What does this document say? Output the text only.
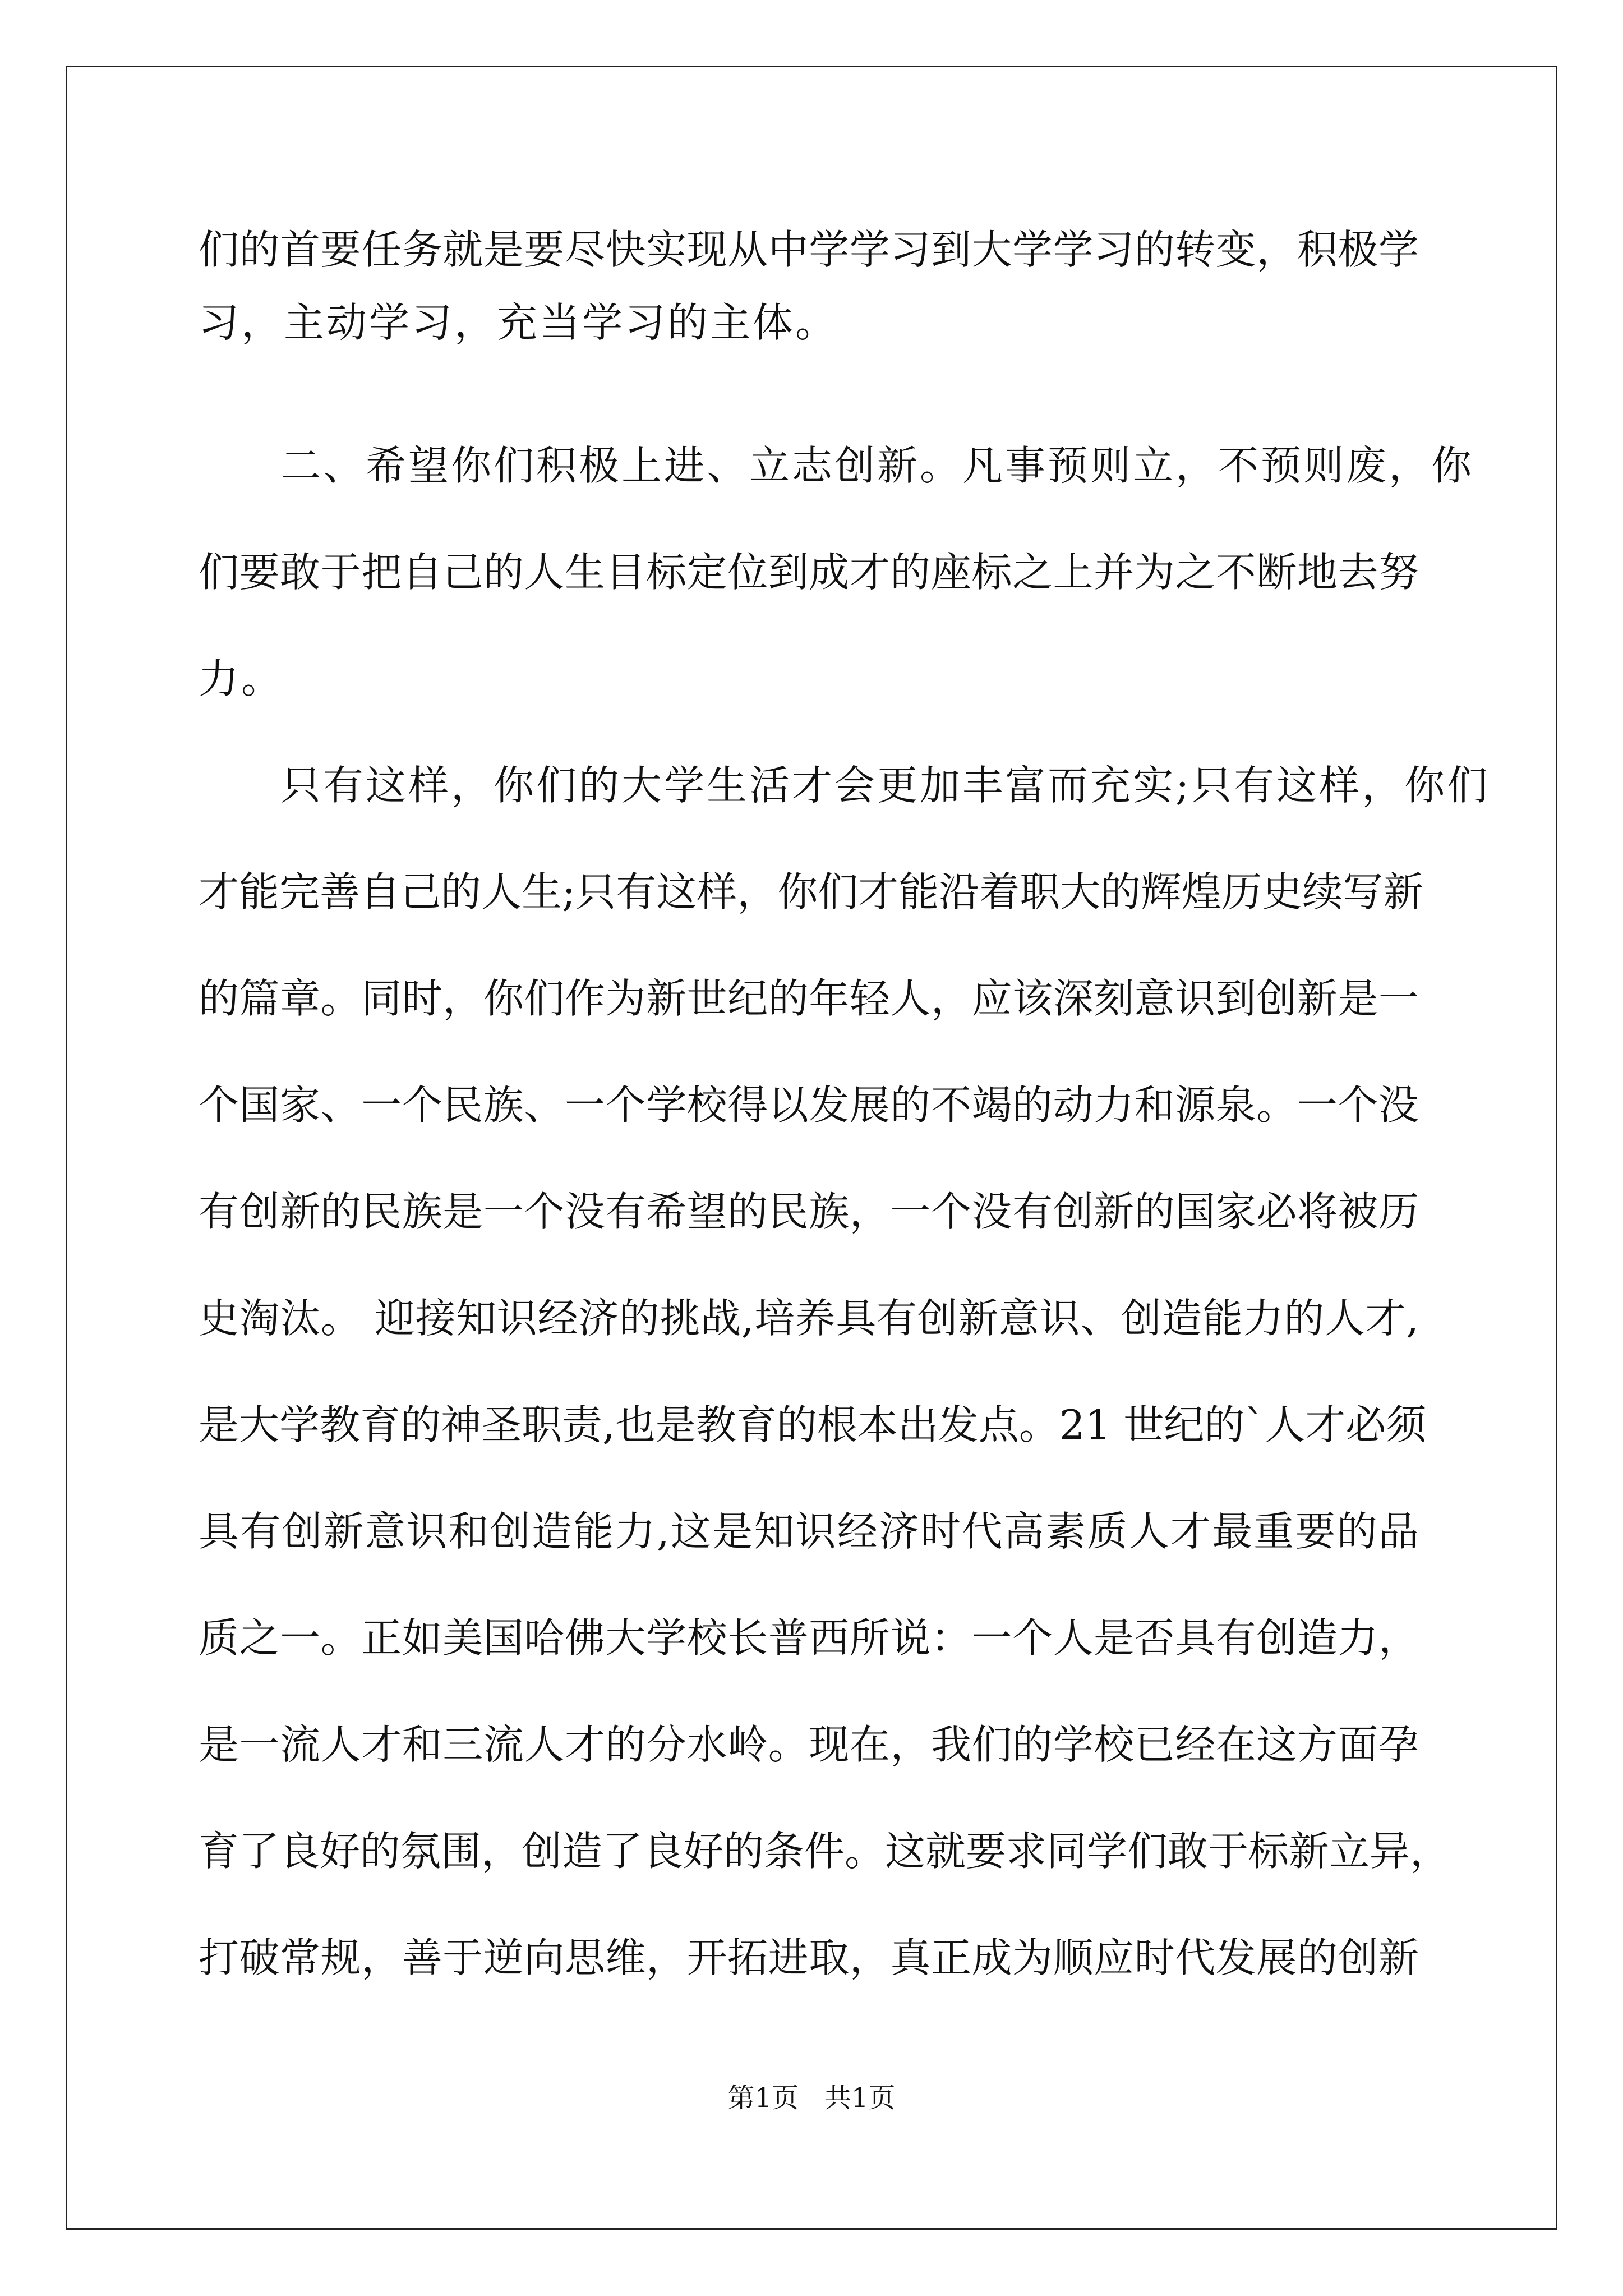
们的首要任务就是要尽快实现从中学学习到大学学习的转变，积极学
习，主动学习，充当学习的主体。
二、希望你们积极上进、立志创新。凡事预则立，不预则废，你
们要敢于把自己的人生目标定位到成才的座标之上并为之不断地去努
力。
只有这样，你们的大学生活才会更加丰富而充实;只有这样，你们
才能完善自己的人生;只有这样，你们才能沿着职大的辉煌历史续写新
的篇章。同时，你们作为新世纪的年轻人，应该深刻意识到创新是一
个国家、一个民族、一个学校得以发展的不竭的动力和源泉。一个没
有创新的民族是一个没有希望的民族，一个没有创新的国家必将被历
史淘汰。 迎接知识经济的挑战,培养具有创新意识、创造能力的人才,
是大学教育的神圣职责,也是教育的根本出发点。21 世纪的`人才必须
具有创新意识和创造能力,这是知识经济时代高素质人才最重要的品
质之一。正如美国哈佛大学校长普西所说：一个人是否具有创造力，
是一流人才和三流人才的分水岭。现在，我们的学校已经在这方面孕
育了良好的氛围，创造了良好的条件。这就要求同学们敢于标新立异，
打破常规，善于逆向思维，开拓进取，真正成为顺应时代发展的创新
第1页   共1页
